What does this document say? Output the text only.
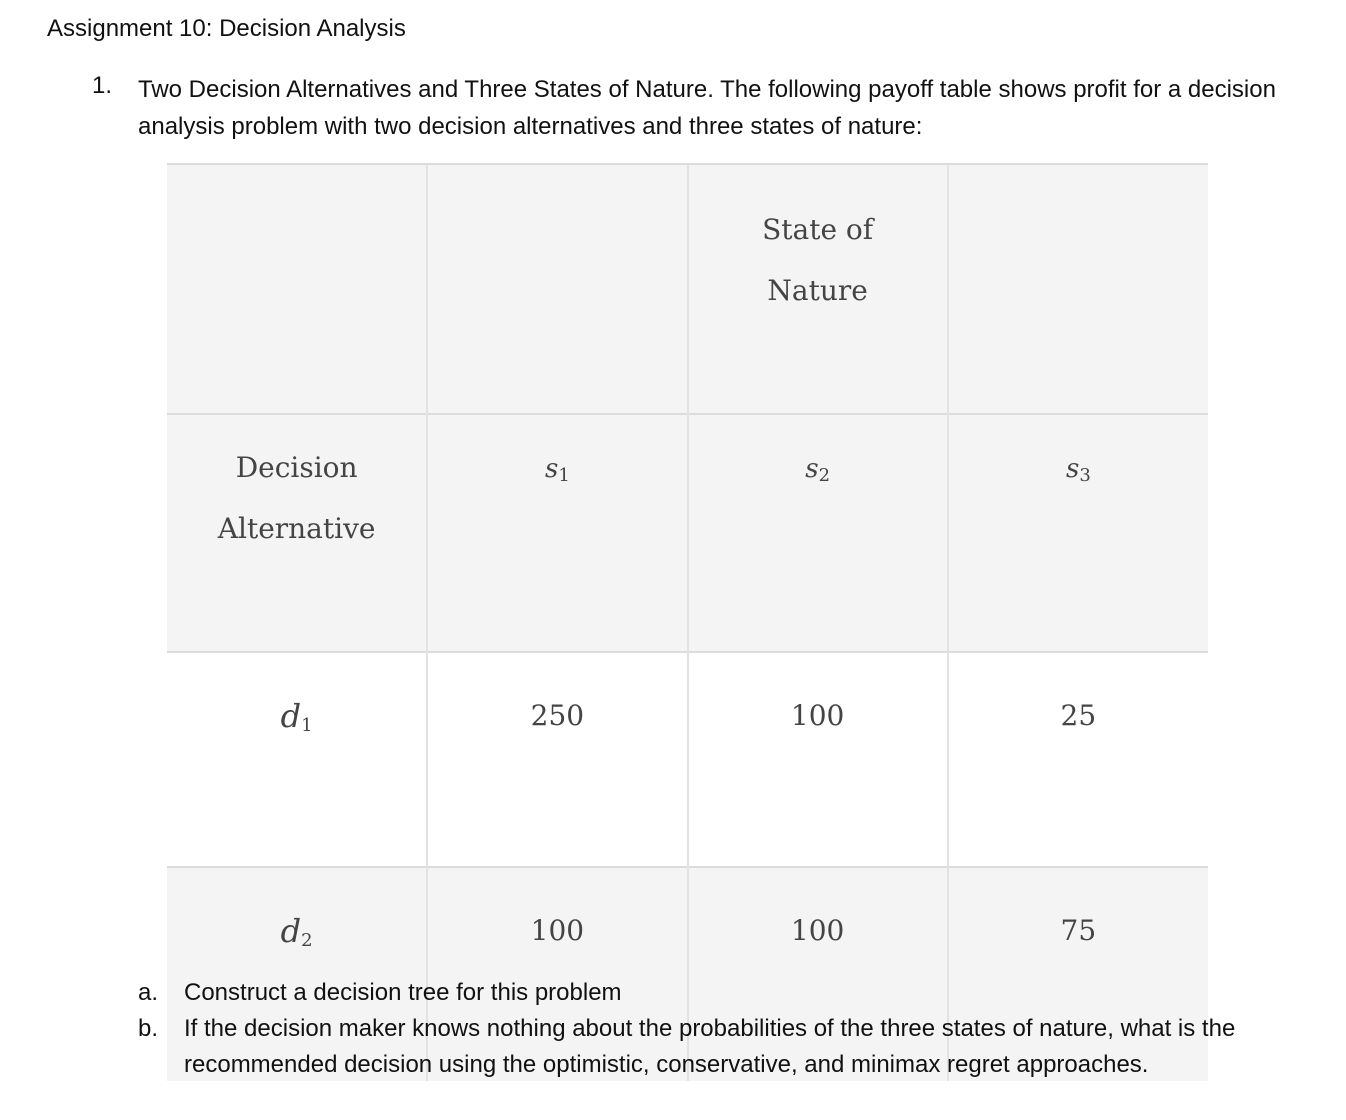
Assignment 10: Decision Analysis
1. Two Decision Alternatives and Three States of Nature. The following payoff table shows profit for a decision analysis problem with two decision alternatives and three states of nature:

		State of
Nature	

Decision
Alternative	$s_1$	$s_2$	$s_3$
$d_1$	250	100	25
$d_2$	100	100	75
a. Construct a decision tree for this problem
b. If the decision maker knows nothing about the probabilities of the three states of nature, what is the recommended decision using the optimistic, conservative, and minimax regret approaches.
